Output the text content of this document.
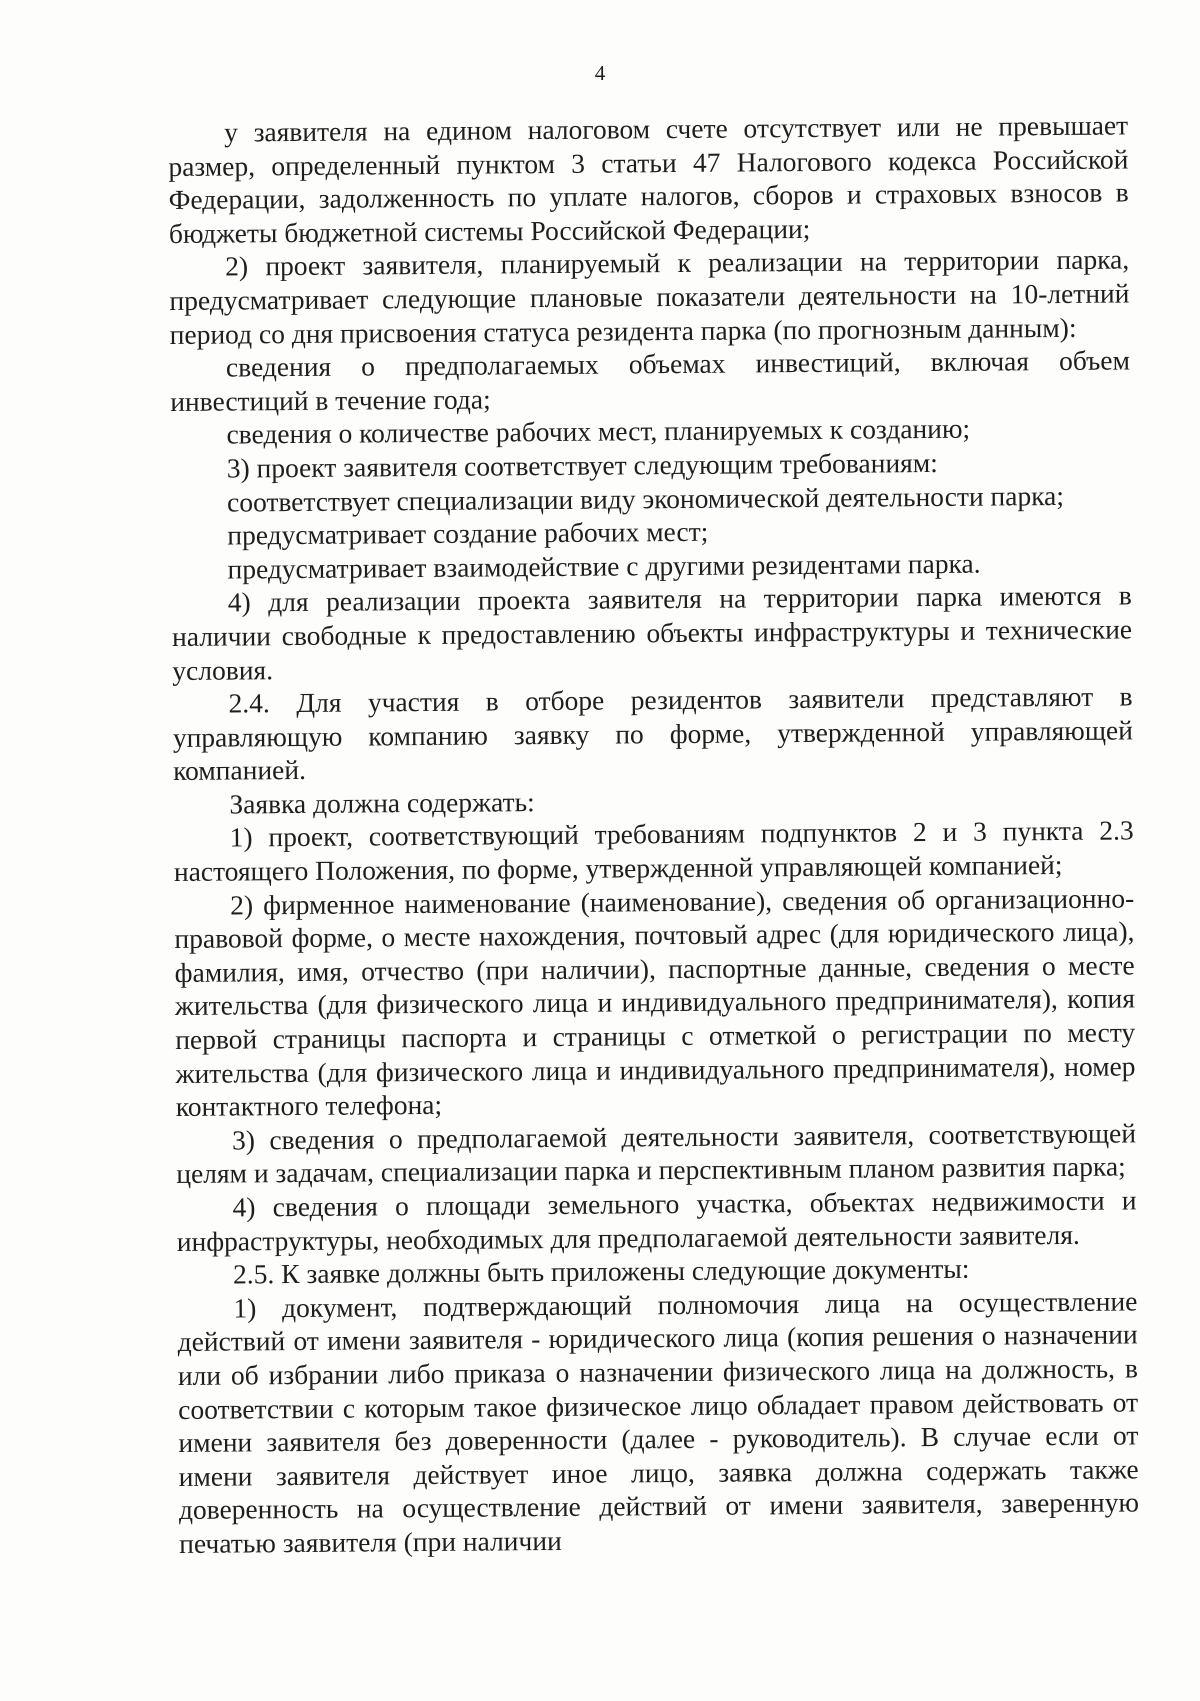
4

у заявителя на едином налоговом счете отсутствует или не превышает размер, определенный пунктом 3 статьи 47 Налогового кодекса Российской Федерации, задолженность по уплате налогов, сборов и страховых взносов в бюджеты бюджетной системы Российской Федерации;

2) проект заявителя, планируемый к реализации на территории парка, предусматривает следующие плановые показатели деятельности на 10-летний период со дня присвоения статуса резидента парка (по прогнозным данным):

сведения о предполагаемых объемах инвестиций, включая объем инвестиций в течение года;

сведения о количестве рабочих мест, планируемых к созданию;

3) проект заявителя соответствует следующим требованиям:

соответствует специализации виду экономической деятельности парка;

предусматривает создание рабочих мест;

предусматривает взаимодействие с другими резидентами парка.

4) для реализации проекта заявителя на территории парка имеются в наличии свободные к предоставлению объекты инфраструктуры и технические условия.

2.4. Для участия в отборе резидентов заявители представляют в управляющую компанию заявку по форме, утвержденной управляющей компанией.

Заявка должна содержать:

1) проект, соответствующий требованиям подпунктов 2 и 3 пункта 2.3 настоящего Положения, по форме, утвержденной управляющей компанией;

2) фирменное наименование (наименование), сведения об организационно-правовой форме, о месте нахождения, почтовый адрес (для юридического лица), фамилия, имя, отчество (при наличии), паспортные данные, сведения о месте жительства (для физического лица и индивидуального предпринимателя), копия первой страницы паспорта и страницы с отметкой о регистрации по месту жительства (для физического лица и индивидуального предпринимателя), номер контактного телефона;

3) сведения о предполагаемой деятельности заявителя, соответствующей целям и задачам, специализации парка и перспективным планом развития парка;

4) сведения о площади земельного участка, объектах недвижимости и инфраструктуры, необходимых для предполагаемой деятельности заявителя.

2.5. К заявке должны быть приложены следующие документы:

1) документ, подтверждающий полномочия лица на осуществление действий от имени заявителя - юридического лица (копия решения о назначении или об избрании либо приказа о назначении физического лица на должность, в соответствии с которым такое физическое лицо обладает правом действовать от имени заявителя без доверенности (далее - руководитель). В случае если от имени заявителя действует иное лицо, заявка должна содержать также доверенность на осуществление действий от имени заявителя, заверенную печатью заявителя (при наличии
